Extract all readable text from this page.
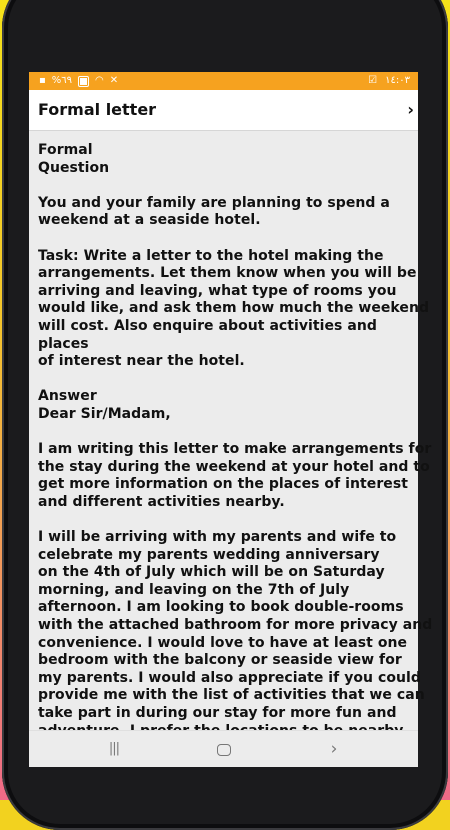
▪ %٦٩ ◠ ✕	☑ ١٤:٠٣
Formal letter	›
Formal
Question
You and your family are planning to spend a
weekend at a seaside hotel.
Task: Write a letter to the hotel making the
arrangements. Let them know when you will be
arriving and leaving, what type of rooms you
would like, and ask them how much the weekend
will cost. Also enquire about activities and
places
of interest near the hotel.
Answer
Dear Sir/Madam,
I am writing this letter to make arrangements for
the stay during the weekend at your hotel and to
get more information on the places of interest
and different activities nearby.
I will be arriving with my parents and wife to
celebrate my parents wedding anniversary
on the 4th of July which will be on Saturday
morning, and leaving on the 7th of July
afternoon. I am looking to book double-rooms
with the attached bathroom for more privacy and
convenience. I would love to have at least one
bedroom with the balcony or seaside view for
my parents. I would also appreciate if you could
provide me with the list of activities that we can
take part in during our stay for more fun and
|||	›
